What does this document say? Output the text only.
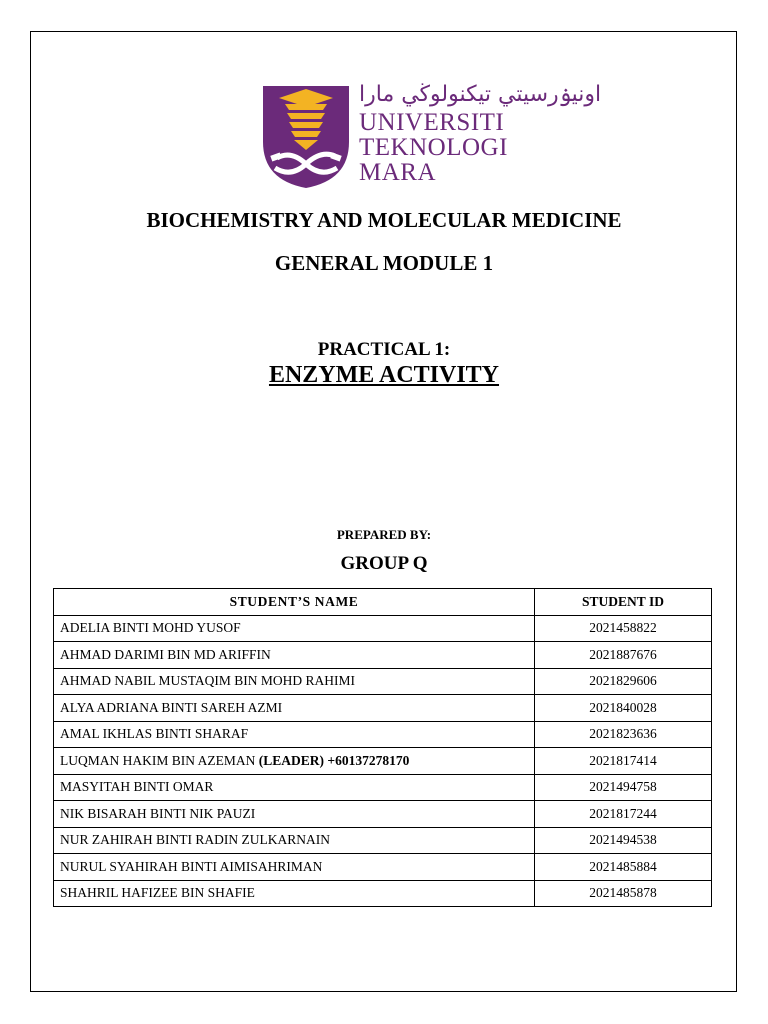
اونيۏرسيتي تيکنولوڬي مارا
UNIVERSITI
TEKNOLOGI
MARA
BIOCHEMISTRY AND MOLECULAR MEDICINE
GENERAL MODULE 1
PRACTICAL 1:
ENZYME ACTIVITY
PREPARED BY:
GROUP Q
STUDENT’S NAME	STUDENT ID
ADELIA BINTI MOHD YUSOF	2021458822
AHMAD DARIMI BIN MD ARIFFIN	2021887676
AHMAD NABIL MUSTAQIM BIN MOHD RAHIMI	2021829606
ALYA ADRIANA BINTI SAREH AZMI	2021840028
AMAL IKHLAS BINTI SHARAF	2021823636
LUQMAN HAKIM BIN AZEMAN (LEADER) +60137278170	2021817414
MASYITAH BINTI OMAR	2021494758
NIK BISARAH BINTI NIK PAUZI	2021817244
NUR ZAHIRAH BINTI RADIN ZULKARNAIN	2021494538
NURUL SYAHIRAH BINTI AIMISAHRIMAN	2021485884
SHAHRIL HAFIZEE BIN SHAFIE	2021485878
